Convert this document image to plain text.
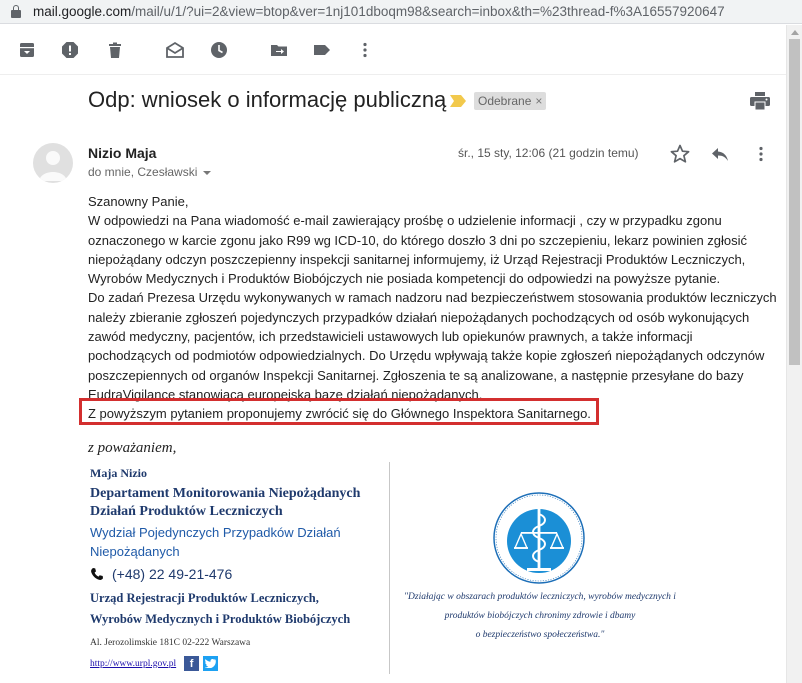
mail.google.com/mail/u/1/?ui=2&view=btop&ver=1nj101dboqm98&search=inbox&th=%23thread-f%3A16557920647
Odp: wniosek o informację publiczną	Odebrane ×
Nizio Maja
do mnie, Czesławski
śr., 15 sty, 12:06 (21 godzin temu)

Szanowny Panie,

W odpowiedzi na Pana wiadomość e-mail zawierający prośbę o udzielenie informacji , czy w przypadku zgonu oznaczonego w karcie zgonu jako R99 wg ICD-10, do którego doszło 3 dni po szczepieniu, lekarz powinien zgłosić niepożądany odczyn poszczepienny inspekcji sanitarnej informujemy, iż Urząd Rejestracji Produktów Leczniczych, Wyrobów Medycznych i Produktów Biobójczych nie posiada kompetencji do odpowiedzi na powyższe pytanie.

Do zadań Prezesa Urzędu wykonywanych w ramach nadzoru nad bezpieczeństwem stosowania produktów leczniczych należy zbieranie zgłoszeń pojedynczych przypadków działań niepożądanych pochodzących od osób wykonujących zawód medyczny, pacjentów, ich przedstawicieli ustawowych lub opiekunów prawnych, a także informacji pochodzących od podmiotów odpowiedzialnych. Do Urzędu wpływają także kopie zgłoszeń niepożądanych odczynów poszczepiennych od organów Inspekcji Sanitarnej. Zgłoszenia te są analizowane, a następnie przesyłane do bazy EudraVigilance stanowiącą europejską bazę działań niepożądanych.

Z powyższym pytaniem proponujemy zwrócić się do Głównego Inspektora Sanitarnego.

z poważaniem,
Maja Nizio
Departament Monitorowania Niepożądanych
Działań Produktów Leczniczych
Wydział Pojedynczych Przypadków Działań
Niepożądanych
(+48) 22 49-21-476
Urząd Rejestracji Produktów Leczniczych,
Wyrobów Medycznych i Produktów Biobójczych
Al. Jerozolimskie 181C 02-222 Warszawa
http://www.urpl.gov.pl	f
"Działając w obszarach produktów leczniczych, wyrobów medycznych i
produktów biobójczych chronimy zdrowie i dbamy
o bezpieczeństwo społeczeństwa."
